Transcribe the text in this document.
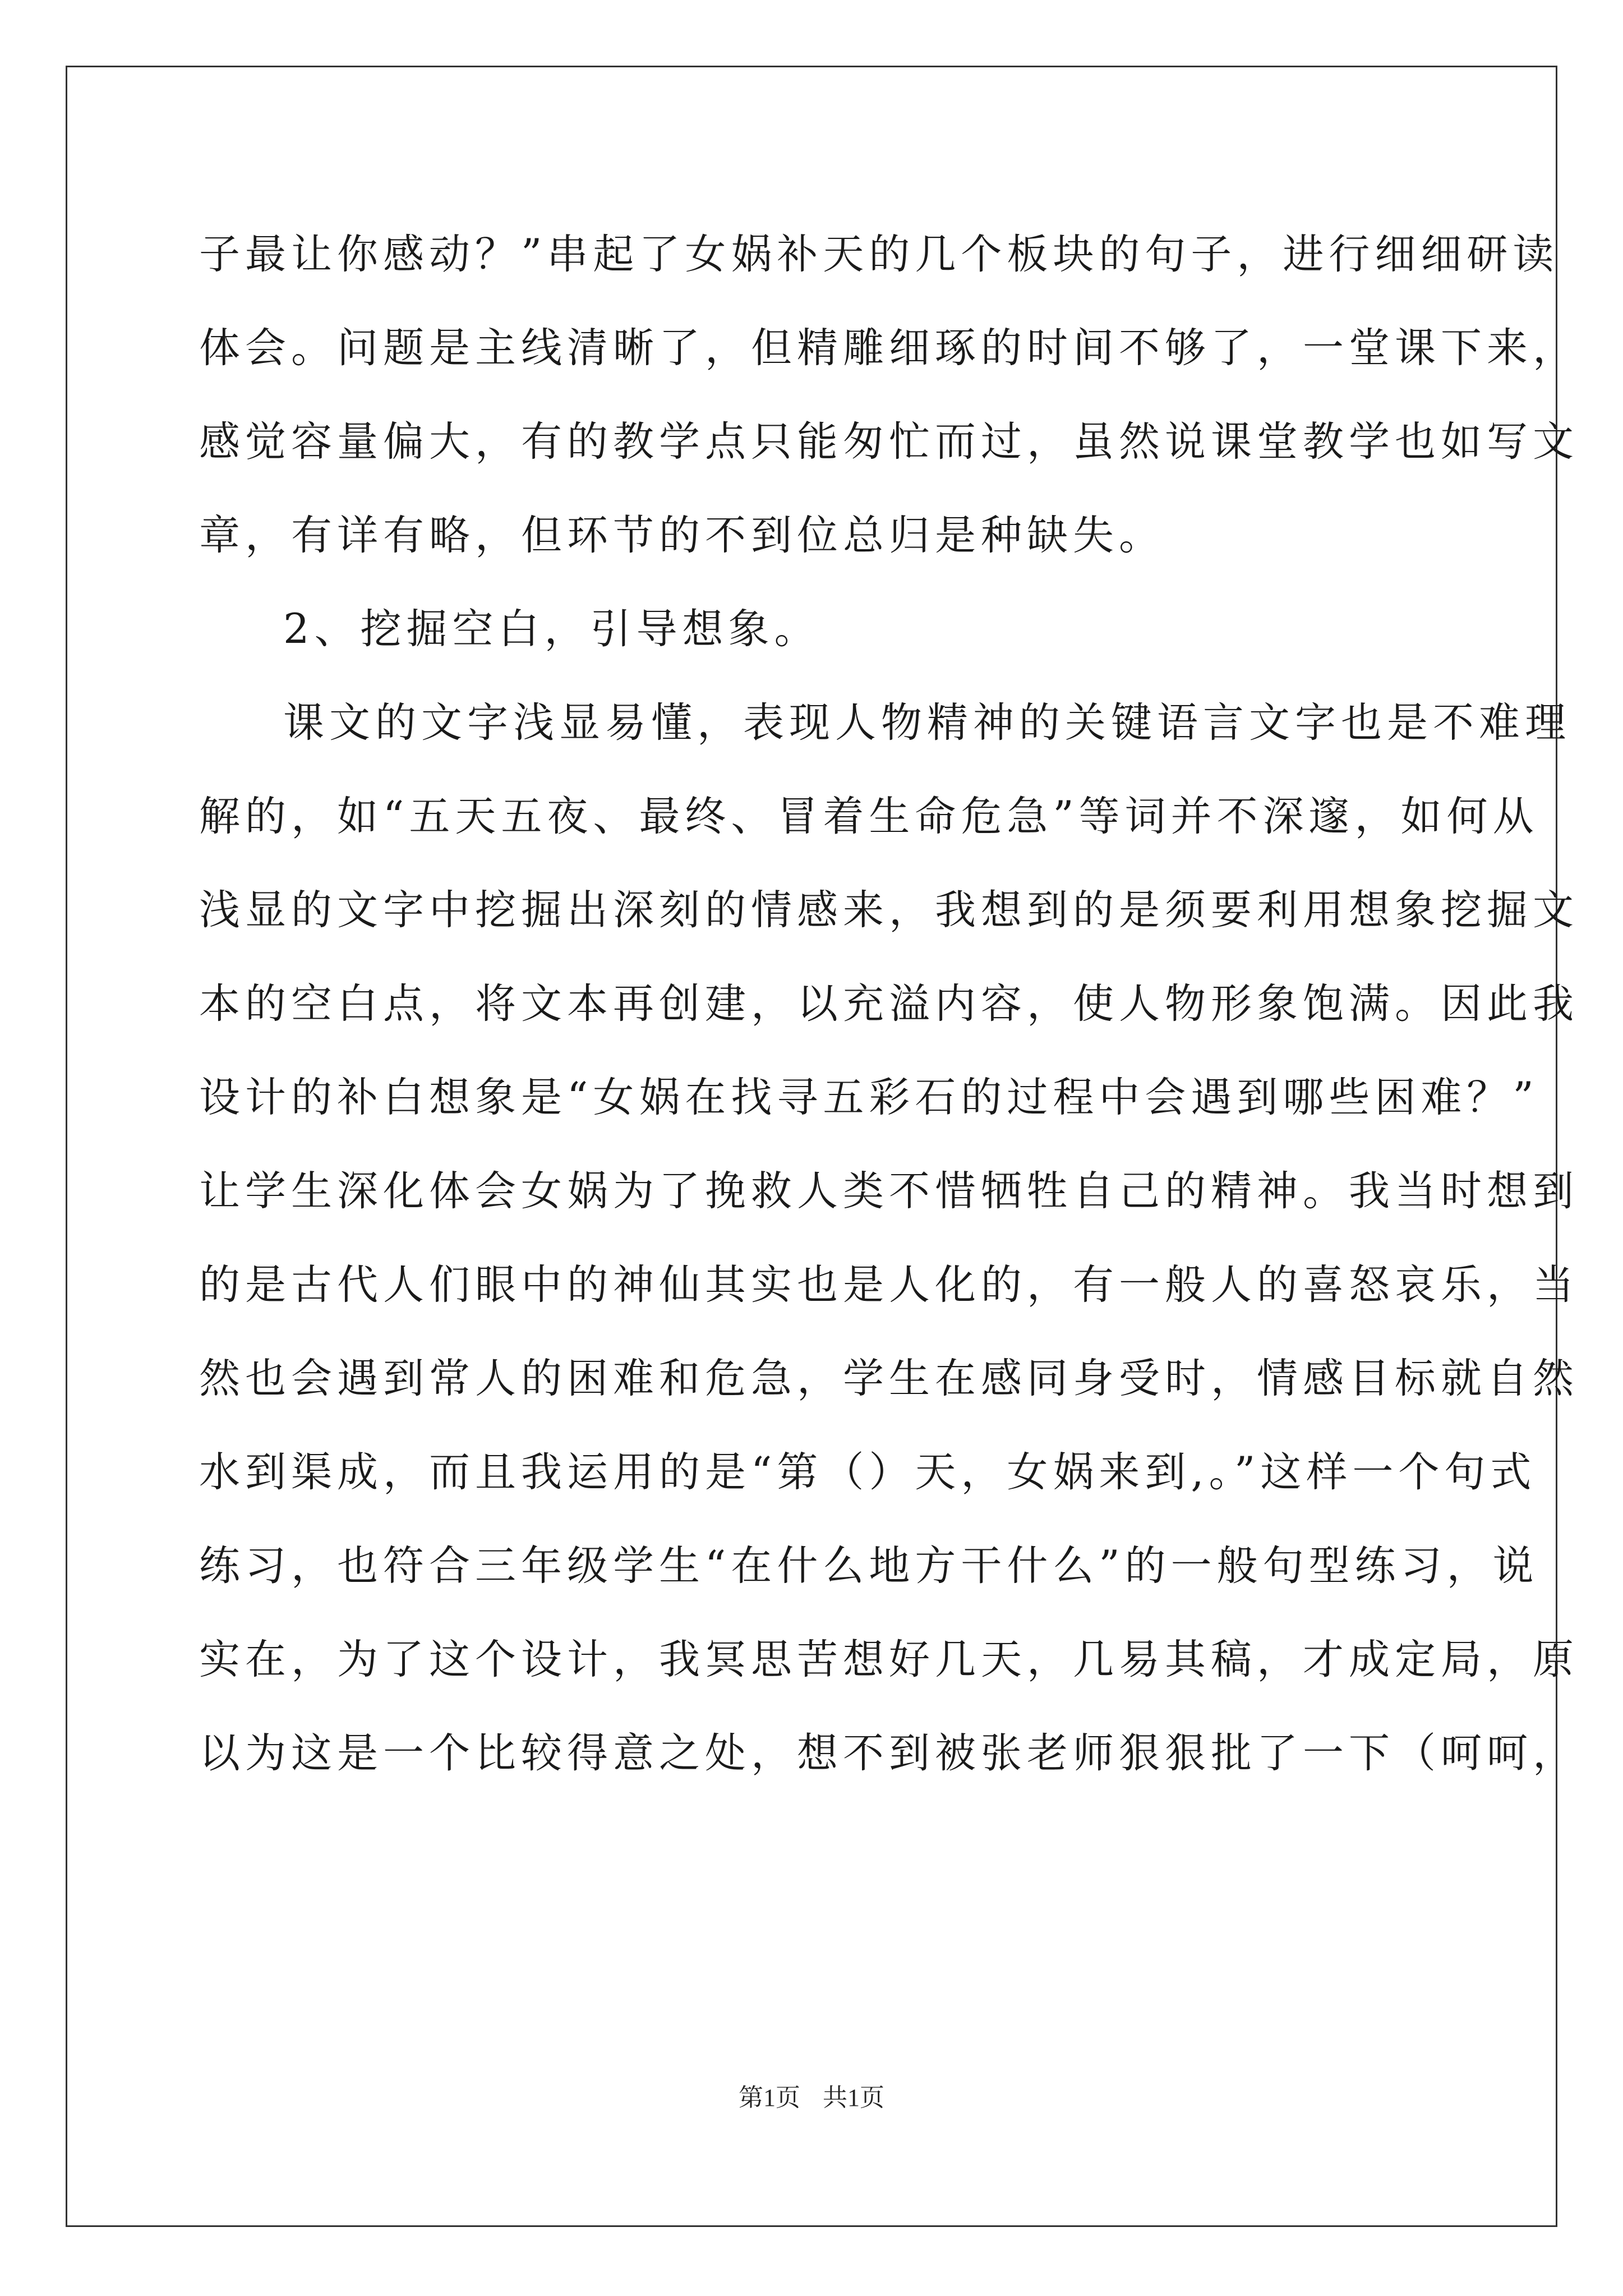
子最让你感动？”串起了女娲补天的几个板块的句子，进行细细研读
体会。问题是主线清晰了，但精雕细琢的时间不够了，一堂课下来，
感觉容量偏大，有的教学点只能匆忙而过，虽然说课堂教学也如写文
章，有详有略，但环节的不到位总归是种缺失。
2、挖掘空白，引导想象。
课文的文字浅显易懂，表现人物精神的关键语言文字也是不难理
解的，如“五天五夜、最终、冒着生命危急”等词并不深邃，如何从
浅显的文字中挖掘出深刻的情感来，我想到的是须要利用想象挖掘文
本的空白点，将文本再创建，以充溢内容，使人物形象饱满。因此我
设计的补白想象是“女娲在找寻五彩石的过程中会遇到哪些困难？”
让学生深化体会女娲为了挽救人类不惜牺牲自己的精神。我当时想到
的是古代人们眼中的神仙其实也是人化的，有一般人的喜怒哀乐，当
然也会遇到常人的困难和危急，学生在感同身受时，情感目标就自然
水到渠成，而且我运用的是“第（）天，女娲来到,。”这样一个句式
练习，也符合三年级学生“在什么地方干什么”的一般句型练习，说
实在，为了这个设计，我冥思苦想好几天，几易其稿，才成定局，原
以为这是一个比较得意之处，想不到被张老师狠狠批了一下（呵呵，
第1页 共1页
